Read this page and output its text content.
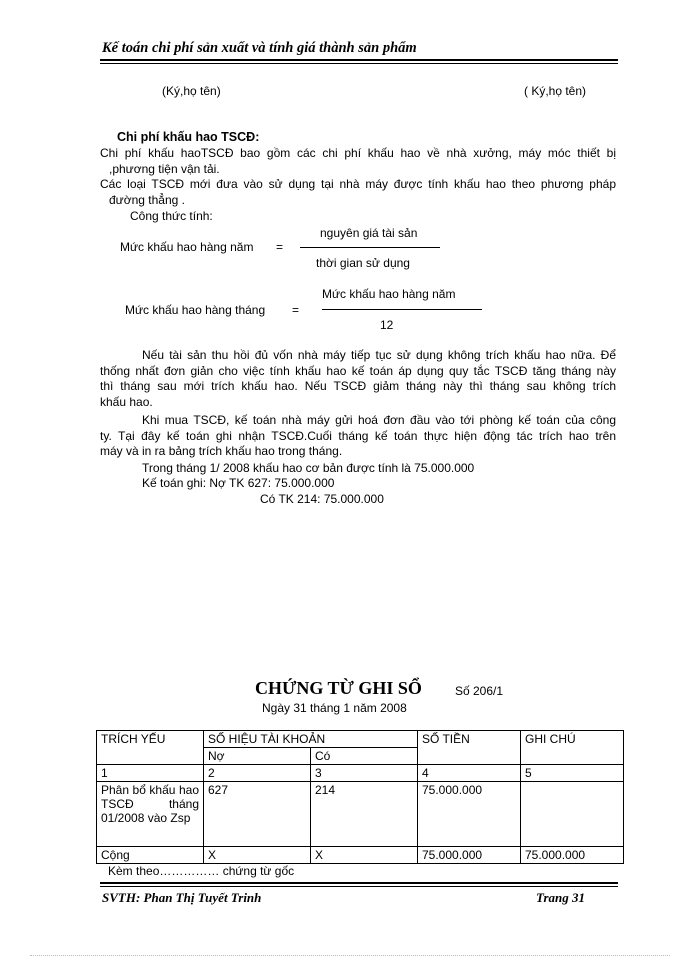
Kế toán chi phí sản xuất và tính giá thành sản phẩm
(Ký,họ tên)	( Ký,họ tên)
Chi phí khấu hao TSCĐ:
Chi phí khấu haoTSCĐ bao gồm các chi phí khấu hao về nhà xưởng, máy móc thiết bị
,phương tiện vận tải.
Các loại TSCĐ mới đưa vào sử dụng tại nhà máy được tính khấu hao theo phương pháp
đường thẳng .
Công thức tính:
Mức khấu hao hàng năm =
nguyên giá tài sản
thời gian sử dụng
Mức khấu hao hàng tháng =
Mức khấu hao hàng năm
12
Nếu tài sản thu hồi đủ vốn nhà máy tiếp tục sử dụng không trích khấu hao nữa. Để
thống nhất đơn giản cho việc tính khấu hao kế toán áp dụng quy tắc TSCĐ tăng tháng này
thì tháng sau mới trích khấu hao. Nếu TSCĐ giảm tháng này thì tháng sau không trích
khấu hao.
Khi mua TSCĐ, kế toán nhà máy gửi hoá đơn đầu vào tới phòng kế toán của công
ty. Tại đây kế toán ghi nhận TSCĐ.Cuối tháng kế toán thực hiện động tác trích hao trên
máy và in ra bảng trích khấu hao trong tháng.
Trong tháng 1/ 2008 khấu hao cơ bản được tính là 75.000.000
Kế toán ghi: Nợ TK 627: 75.000.000
Có TK 214: 75.000.000
CHỨNG TỪ GHI SỔ	Số 206/1
Ngày 31 tháng 1 năm 2008
TRÍCH YẾU	SỐ HIỆU TÀI KHOẢN		SỐ TIỀN	GHI CHÚ
	Nợ	Có		
1	2	3	4	5
Phân bổ khấu hao TSCĐ tháng 01/2008 vào Zsp	627	214	75.000.000	
Cộng	X	X	75.000.000	75.000.000
Kèm theo…………… chứng từ gốc
SVTH: Phan Thị Tuyết Trinh	Trang 31
